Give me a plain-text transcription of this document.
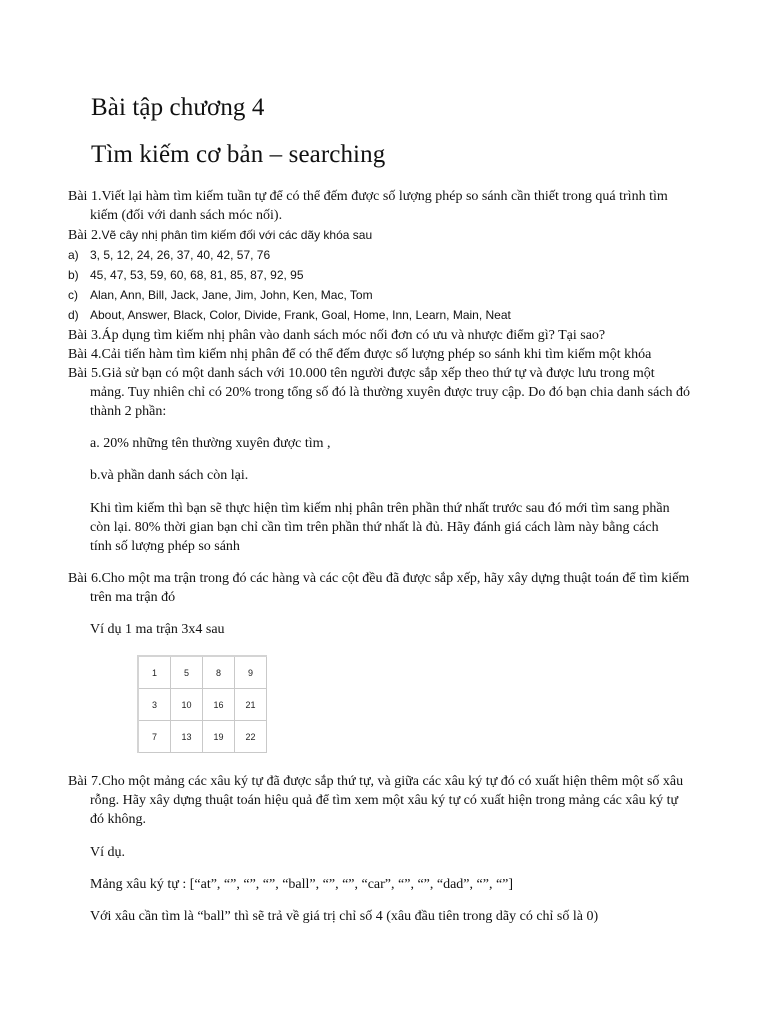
Bài tập chương 4
Tìm kiếm cơ bản – searching
Bài 1.Viết lại hàm tìm kiếm tuần tự để có thể đếm được số lượng phép so sánh cần thiết trong quá trình tìm kiếm (đối với danh sách móc nối).
Bài 2.Vẽ cây nhị phân tìm kiếm đối với các dãy khóa sau
a) 3, 5, 12, 24, 26, 37, 40, 42, 57, 76
b) 45, 47, 53, 59, 60, 68, 81, 85, 87, 92, 95
c) Alan, Ann, Bill, Jack, Jane, Jim, John, Ken, Mac, Tom
d) About, Answer, Black, Color, Divide, Frank, Goal, Home, Inn, Learn, Main, Neat
Bài 3.Áp dụng tìm kiếm nhị phân vào danh sách móc nối đơn có ưu và nhược điểm gì? Tại sao?
Bài 4.Cải tiến hàm tìm kiếm nhị phân để có thể đếm được số lượng phép so sánh khi tìm kiếm một khóa
Bài 5.Giả sử bạn có một danh sách với 10.000 tên người được sắp xếp theo thứ tự và được lưu trong một mảng. Tuy nhiên chỉ có 20% trong tổng số đó là thường xuyên được truy cập. Do đó bạn chia danh sách đó thành 2 phần:
a. 20% những tên thường xuyên được tìm ,
b.và phần danh sách còn lại.
Khi tìm kiếm thì bạn sẽ thực hiện tìm kiếm nhị phân trên phần thứ nhất trước sau đó mới tìm sang phần còn lại. 80% thời gian bạn chỉ cần tìm trên phần thứ nhất là đủ. Hãy đánh giá cách làm này bằng cách tính số lượng phép so sánh
Bài 6.Cho một ma trận trong đó các hàng và các cột đều đã được sắp xếp, hãy xây dựng thuật toán để tìm kiếm trên ma trận đó
Ví dụ 1 ma trận 3x4 sau
1	5	8	9
3	10	16	21
7	13	19	22
Bài 7.Cho một mảng các xâu ký tự đã được sắp thứ tự, và giữa các xâu ký tự đó có xuất hiện thêm một số xâu rỗng. Hãy xây dựng thuật toán hiệu quả để tìm xem một xâu ký tự có xuất hiện trong mảng các xâu ký tự đó không.
Ví dụ.
Mảng xâu ký tự : [“at”, “”, “”, “”, “ball”, “”, “”, “car”, “”, “”, “dad”, “”, “”]
Với xâu cần tìm là “ball” thì sẽ trả về giá trị chỉ số 4 (xâu đầu tiên trong dãy có chỉ số là 0)
